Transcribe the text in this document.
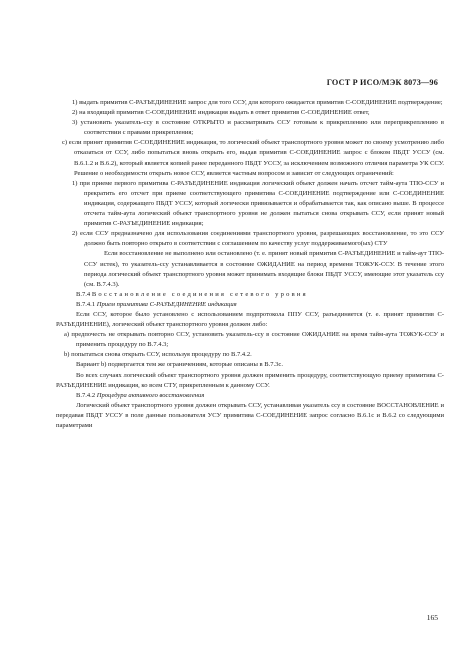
ГОСТ Р ИСО/МЭК 8073—96

1) выдать примитив С-РАЗЪЕДИНЕНИЕ запрос для того ССУ, для которого ожидается примитив С-СОЕДИНЕНИЕ подтверждение;

2) на входящий примитив С-СОЕДИНЕНИЕ индикация выдать в ответ примитив С-СОЕДИНЕНИЕ ответ,

3) установить указатель-ссу в состояние ОТКРЫТО и рассматривать ССУ готовым к прикреплению или переприкреплению в соответствии с правами прикрепления;

с) если принят примитив С-СОЕДИНЕНИЕ индикация, то логический объект транспортного уровня может по своему усмотрению либо отказаться от ССУ, либо попытаться вновь открыть его, выдав примитив С-СОЕДИНЕНИЕ запрос с блоком ПБДТ УССУ (см. В.6.1.2 и В.6.2), который является копией ранее переданного ПБДТ УССУ, за исключением возможного отличия параметра УК ССУ. Решение о необходимости открыть новое ССУ, является частным вопросом и зависит от следующих ограничений:

1) при приеме первого примитива С-РАЗЪЕДИНЕНИЕ индикация логический объект должен начать отсчет тайм-аута ТПО-ССУ и прекратить его отсчет при приеме соответствующего примитива С-СОЕДИНЕНИЕ подтверждение или С-СОЕДИНЕНИЕ индикация, содержащего ПБДТ УССУ, который логически привязывается и обрабатывается так, как описано выше. В процессе отсчета тайм-аута логический объект транспортного уровня не должен пытаться снова открывать ССУ, если принят новый примитив С-РАЗЪЕДИНЕНИЕ индикация;

2) если ССУ предназначено для использования соединениями транспортного уровня, разрешающих восстановление, то это ССУ должно быть повторно открыто в соответствии с соглашением по качеству услуг поддерживаемого(ых) СТУ

Если восстановление не выполнено или остановлено (т. е. принят новый примитив С-РАЗЪЕДИНЕНИЕ и тайм-аут ТПО-ССУ истек), то указатель-ссу устанавливается в состояние ОЖИДАНИЕ на период времени ТОЖУК-ССУ. В течение этого периода логический объект транспортного уровня может принимать входящие блоки ПБДТ УССУ, имеющие этот указатель ссу (см. В.7.4.3).

В.7.4 Восстановление соединения сетевого уровня

В.7.4.1 Прием примитива С-РАЗЪЕДИНЕНИЕ индикация

Если ССУ, которое было установлено с использованием подпротокола ППУ ССУ, разъединяется (т. е. принят примитив С-РАЗЪЕДИНЕНИЕ), логический объект транспортного уровня должен либо:

a) предпочесть не открывать повторно ССУ, установить указатель-ссу в состояние ОЖИДАНИЕ на время тайм-аута ТОЖУК-ССУ и применить процедуру по В.7.4.3;

b) попытаться снова открыть ССУ, используя процедуру по В.7.4.2.

Вариант b) подвергается тем же ограничениям, которые описаны в В.7.3с.

Во всех случаях логический объект транспортного уровня должен применить процедуру, соответствующую приему примитива С-РАЗЪЕДИНЕНИЕ индикация, ко всем СТУ, прикрепленным к данному ССУ.

В.7.4.2 Процедура активного восстановления

Логический объект транспортного уровня должен открывать ССУ, устанавливая указатель ссу в состояние ВОССТАНОВЛЕНИЕ и передавая ПБДТ УССУ в поле данные пользователя УСУ примитива С-СОЕДИНЕНИЕ запрос согласно В.6.1с и В.6.2 со следующими параметрами

165
